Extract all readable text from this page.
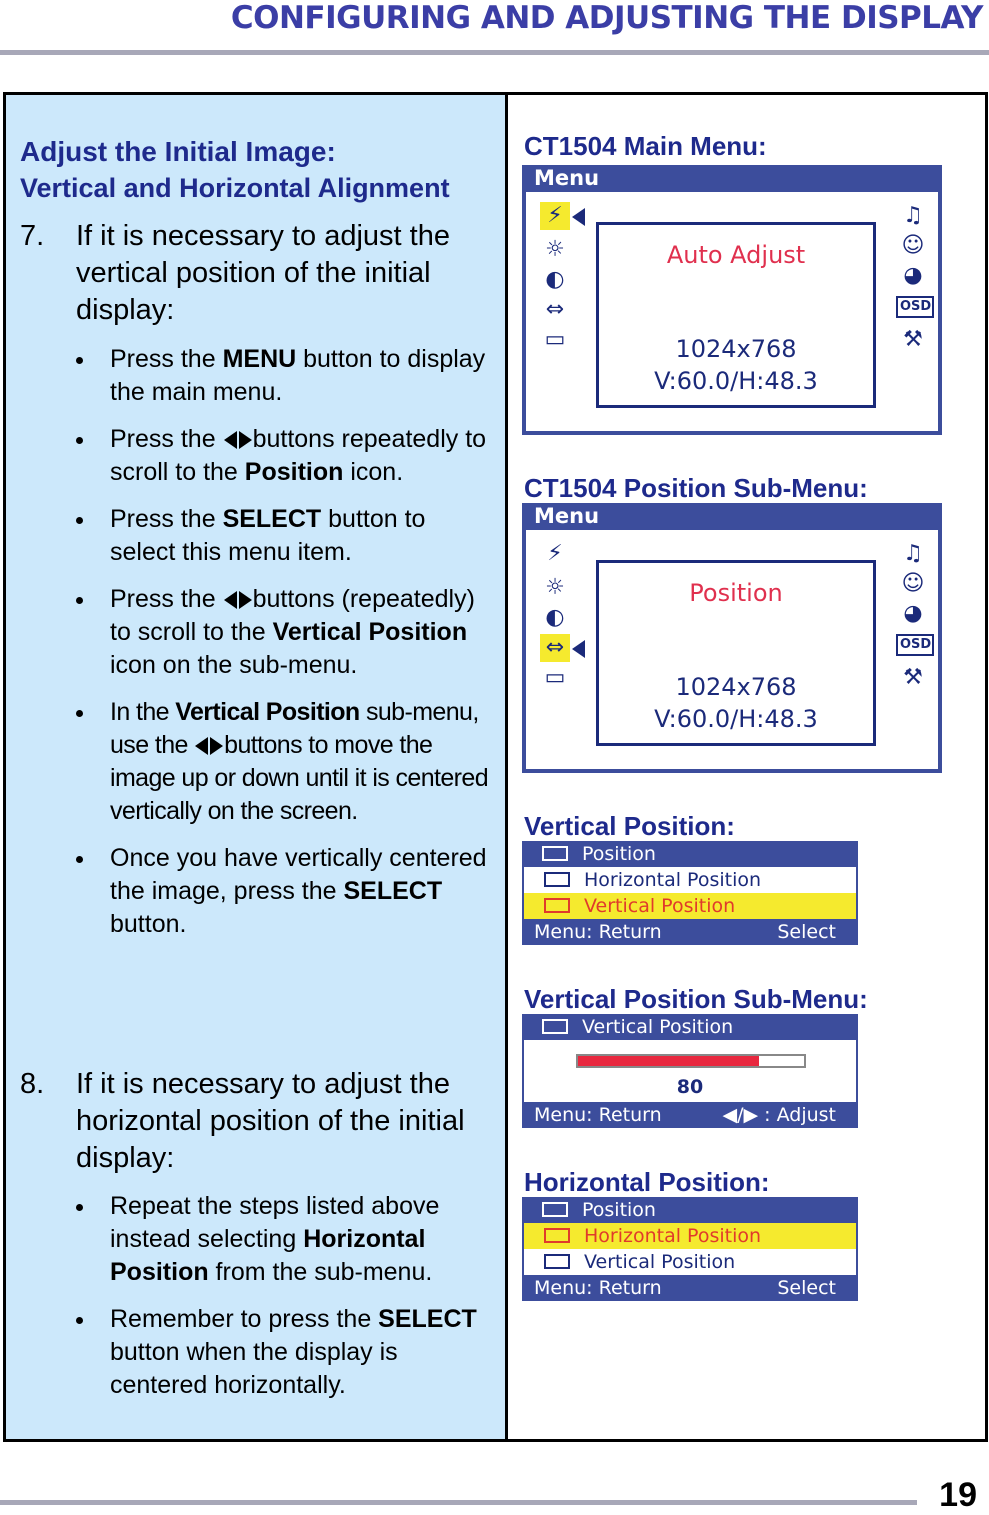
CONFIGURING AND ADJUSTING THE DISPLAY
Adjust the Initial Image:
Vertical and Horizontal Alignment
7. If it is necessary to adjust the vertical position of the initial display:
Press the MENU button to display the main menu.
Press the buttons repeatedly to scroll to the Position icon.
Press the SELECT button to select this menu item.
Press the buttons (repeatedly) to scroll to the Vertical Position icon on the sub-menu.
In the Vertical Position sub-menu, use the buttons to move the image up or down until it is centered vertically on the screen.
Once you have vertically centered the image, press the SELECT button.
8. If it is necessary to adjust the horizontal position of the initial display:
Repeat the steps listed above instead selecting Horizontal Position from the sub-menu.
Remember to press the SELECT button when the display is centered horizontally.
CT1504 Main Menu:
Menu
⚡
☼
◐
⇔
▭
Auto Adjust
1024x768
V:60.0/H:48.3
♫
☺
◕
OSD
⚒
CT1504 Position Sub-Menu:
Menu
⚡
☼
◐
⇔
▭
Position
1024x768
V:60.0/H:48.3
♫
☺
◕
OSD
⚒
Vertical Position:
Position
Horizontal Position
Vertical Position
Menu: Return	Select
Vertical Position Sub-Menu:
Vertical Position
80
Menu: Return	◀/▶ : Adjust
Horizontal Position:
Position
Horizontal Position
Vertical Position
Menu: Return	Select
19
